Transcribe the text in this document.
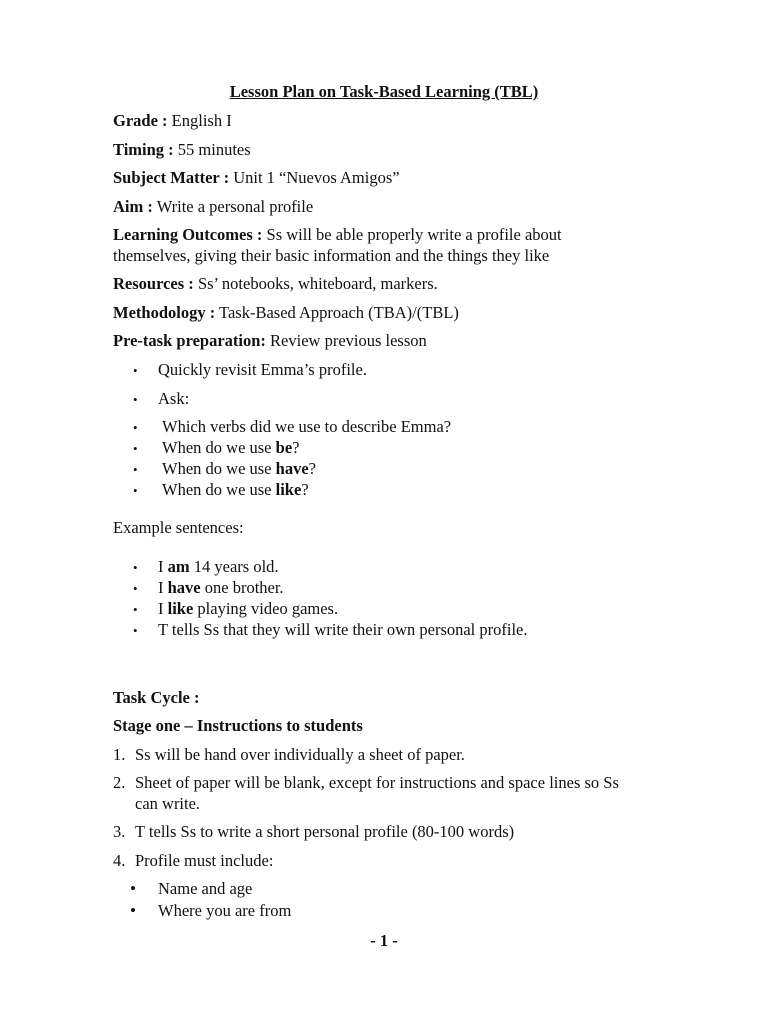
Lesson Plan on Task-Based Learning (TBL)
Grade : English I
Timing : 55 minutes
Subject Matter : Unit 1 “Nuevos Amigos”
Aim : Write a personal profile
Learning Outcomes : Ss will be able properly write a profile about
themselves, giving their basic information and the things they like
Resources : Ss’ notebooks, whiteboard, markers.
Methodology : Task-Based Approach (TBA)/(TBL)
Pre-task preparation: Review previous lesson
• Quickly revisit Emma’s profile.
• Ask:
• Which verbs did we use to describe Emma?
• When do we use be?
• When do we use have?
• When do we use like?
Example sentences:
• I am 14 years old.
• I have one brother.
• I like playing video games.
• T tells Ss that they will write their own personal profile.
Task Cycle :
Stage one – Instructions to students
1. Ss will be hand over individually a sheet of paper.
2. Sheet of paper will be blank, except for instructions and space lines so Ss
can write.
3. T tells Ss to write a short personal profile (80-100 words)
4. Profile must include:
• Name and age
• Where you are from
- 1 -
